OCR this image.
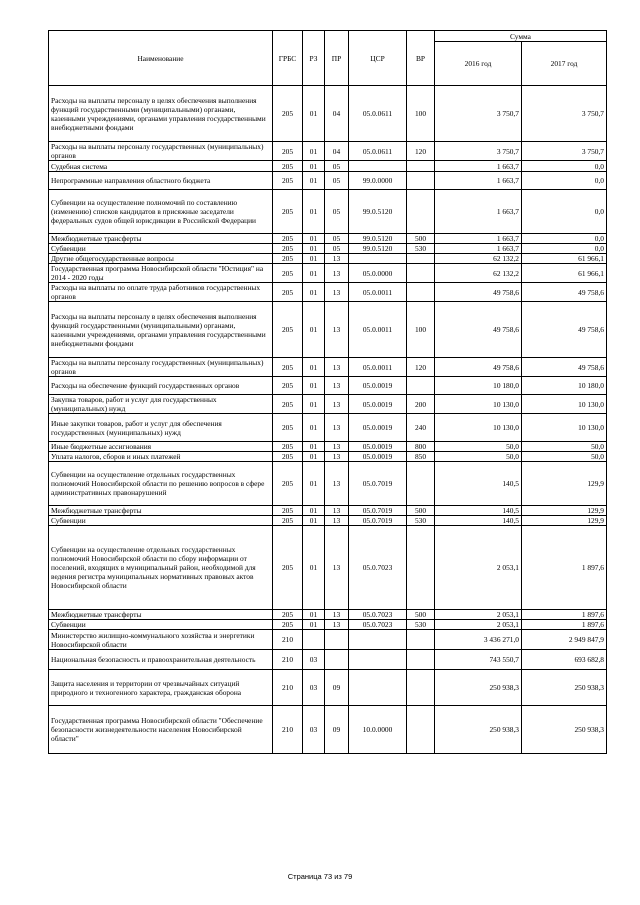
Наименование	ГРБС	РЗ	ПР	ЦСР	ВР	Сумма	
						2016 год	2017 год
Расходы на выплаты персоналу в целях обеспечения выполнения функций государственными (муниципальными) органами, казенными учреждениями, органами управления государственными внебюджетными фондами	205	01	04	05.0.0611	100	3 750,7	3 750,7
Расходы на выплаты персоналу государственных (муниципальных) органов	205	01	04	05.0.0611	120	3 750,7	3 750,7
Судебная система	205	01	05			1 663,7	0,0
Непрограммные направления областного бюджета	205	01	05	99.0.0000		1 663,7	0,0
Субвенции на осуществление полномочий по составлению (изменению) списков кандидатов в присяжные заседатели федеральных судов общей юрисдикции в Российской Федерации	205	01	05	99.0.5120		1 663,7	0,0
Межбюджетные трансферты	205	01	05	99.0.5120	500	1 663,7	0,0
Субвенции	205	01	05	99.0.5120	530	1 663,7	0,0
Другие общегосударственные вопросы	205	01	13			62 132,2	61 966,1
Государственная программа Новосибирской области "Юстиция" на 2014 - 2020 годы	205	01	13	05.0.0000		62 132,2	61 966,1
Расходы на выплаты по оплате труда работников государственных органов	205	01	13	05.0.0011		49 758,6	49 758,6
Расходы на выплаты персоналу в целях обеспечения выполнения функций государственными (муниципальными) органами, казенными учреждениями, органами управления государственными внебюджетными фондами	205	01	13	05.0.0011	100	49 758,6	49 758,6
Расходы на выплаты персоналу государственных (муниципальных) органов	205	01	13	05.0.0011	120	49 758,6	49 758,6
Расходы на обеспечение функций государственных органов	205	01	13	05.0.0019		10 180,0	10 180,0
Закупка товаров, работ и услуг для государственных (муниципальных) нужд	205	01	13	05.0.0019	200	10 130,0	10 130,0
Иные закупки товаров, работ и услуг для обеспечения государственных (муниципальных) нужд	205	01	13	05.0.0019	240	10 130,0	10 130,0
Иные бюджетные ассигнования	205	01	13	05.0.0019	800	50,0	50,0
Уплата налогов, сборов и иных платежей	205	01	13	05.0.0019	850	50,0	50,0
Субвенции на осуществление отдельных государственных полномочий Новосибирской области по решению вопросов в сфере административных правонарушений	205	01	13	05.0.7019		140,5	129,9
Межбюджетные трансферты	205	01	13	05.0.7019	500	140,5	129,9
Субвенции	205	01	13	05.0.7019	530	140,5	129,9
Субвенции на осуществление отдельных государственных полномочий Новосибирской области по сбору информации от поселений, входящих в муниципальный район, необходимой для ведения регистра муниципальных нормативных правовых актов Новосибирской области	205	01	13	05.0.7023		2 053,1	1 897,6
Межбюджетные трансферты	205	01	13	05.0.7023	500	2 053,1	1 897,6
Субвенции	205	01	13	05.0.7023	530	2 053,1	1 897,6
Министерство жилищно-коммунального хозяйства и энергетики Новосибирской области	210					3 436 271,0	2 949 847,9
Национальная безопасность и правоохранительная деятельность	210	03				743 550,7	693 682,8
Защита населения и территории от чрезвычайных ситуаций природного и техногенного характера, гражданская оборона	210	03	09			250 938,3	250 938,3
Государственная программа Новосибирской области "Обеспечение безопасности жизнедеятельности населения Новосибирской области"	210	03	09	10.0.0000		250 938,3	250 938,3
Страница 73 из 79
